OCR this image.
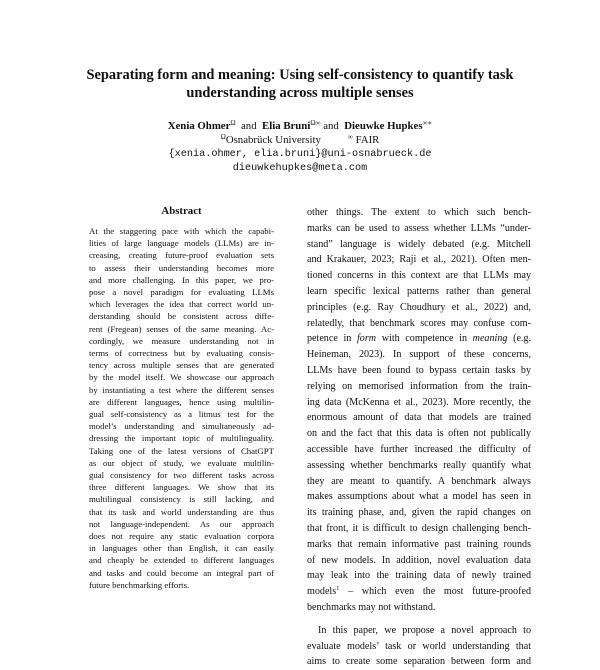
Separating form and meaning: Using self-consistency to quantify task
understanding across multiple senses
Xenia Ohmer$^\Omega$ and Elia Bruni$^{\Omega\infty}$ and Dieuwke Hupkes∞∗
$^\Omega$Osnabrück University	∞ FAIR
{xenia.ohmer, elia.bruni}@uni-osnabrueck.de
dieuwkehupkes@meta.com
Abstract
At the staggering pace with which the capabi-
lities of large language models (LLMs) are in-
creasing, creating future-proof evaluation sets
to assess their understanding becomes more
and more challenging. In this paper, we pro-
pose a novel paradigm for evaluating LLMs
which leverages the idea that correct world un-
derstanding should be consistent across diffe-
rent (Fregean) senses of the same meaning. Ac-
cordingly, we measure understanding not in
terms of correctness but by evaluating consis-
tency across multiple senses that are generated
by the model itself. We showcase our approach
by instantiating a test where the different senses
are different languages, hence using multilin-
gual self-consistency as a litmus test for the
model’s understanding and simultaneously ad-
dressing the important topic of multilinguality.
Taking one of the latest versions of ChatGPT
as our object of study, we evaluate multilin-
gual consistency for two different tasks across
three different languages. We show that its
multilingual consistency is still lacking, and
that its task and world understanding are thus
not language-independent. As our approach
does not require any static evaluation corpora
in languages other than English, it can easily
and cheaply be extended to different languages
and tasks and could become an integral part of
future benchmarking efforts.
other things. The extent to which such bench-
marks can be used to assess whether LLMs “under-
stand” language is widely debated (e.g. Mitchell
and Krakauer, 2023; Raji et al., 2021). Often men-
tioned concerns in this context are that LLMs may
learn specific lexical patterns rather than general
principles (e.g. Ray Choudhury et al., 2022) and,
relatedly, that benchmark scores may confuse com-
petence in form with competence in meaning (e.g.
Heineman, 2023). In support of these concerns,
LLMs have been found to bypass certain tasks by
relying on memorised information from the train-
ing data (McKenna et al., 2023). More recently, the
enormous amount of data that models are trained
on and the fact that this data is often not publically
accessible have further increased the difficulty of
assessing whether benchmarks really quantify what
they are meant to quantify. A benchmark always
makes assumptions about what a model has seen in
its training phase, and, given the rapid changes on
that front, it is difficult to design challenging bench-
marks that remain informative past training rounds
of new models. In addition, novel evaluation data
may leak into the training data of newly trained
models$^1$ – which even the most future-proofed
benchmarks may not withstand.
In this paper, we propose a novel approach to
evaluate models’ task or world understanding that
aims to create some separation between form and
